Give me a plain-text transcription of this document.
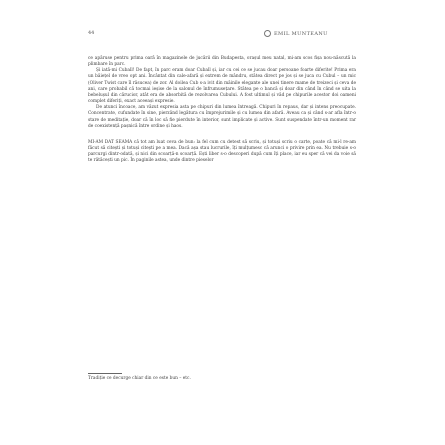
44	EMIL MUNTEANU

ce apăruse pentru prima oară în magazinele de jucării din Budapesta, orașul meu natal, mi-am scos fișa nou-născută la plimbare în parc.

Și iată-mi Cuball! De fapt, în parc eram doar Cuball și, iar cu cei ce se jucau doar persoane foarte diferite! Prima era un băiețel de vreo opt ani. Încântat din cale-afară și extrem de mândru, stătea direct pe jos și se juca cu Cubul – un mic (Oliver Twist care îl răsucea) de zor. Al doilea Cub s-a ivit din mâinile elegante ale unei tinere mame de treizeci și ceva de ani, care probabil că tocmai ieșise de la salonul de înfrumusețare. Stătea pe o bancă și doar din când în când se uita la bebelușul din cărucior, atât era de absorbită de rezolvarea Cubului. A fost ultimul și văd pe chipurile acestor doi oameni complet diferiți, exact aceeași expresie.

De atunci încoace, am văzut expresia asta pe chipuri din lumea întreagă. Chipuri în repaus, dar și intens preocupate. Concentrate, cufundate în sine, pierzând legătura cu împrejurimile și cu lumea din afară. Aveau ca și când s-ar afla într-o stare de meditație, doar că în loc să fie pierdute în interior, sunt implicate și active. Sunt suspendate într-un moment rar de coexistență pașnică între ordine și haos.

MI-AM DAT SEAMA că tot am luat ceva de bun: la fel cum cu detest să scriu, și totuși scriu o carte, poate că mi-l re-am făcut să citești și totuși citești pe a mea. Dacă așa stau lucrurile, îți mulțumesc că arunci o privire prin ea. Nu trebuie s-o parcurgi dintr-odată, și nici din scoarță-n scoarță. Ești liber s-o descoperi după cum îți place, iar eu sper că vei da voie să te rătăcești un pic. În paginile astea, unde dintre pieselor

Tradiție ce decurge chiar din ce este bun – etc.
